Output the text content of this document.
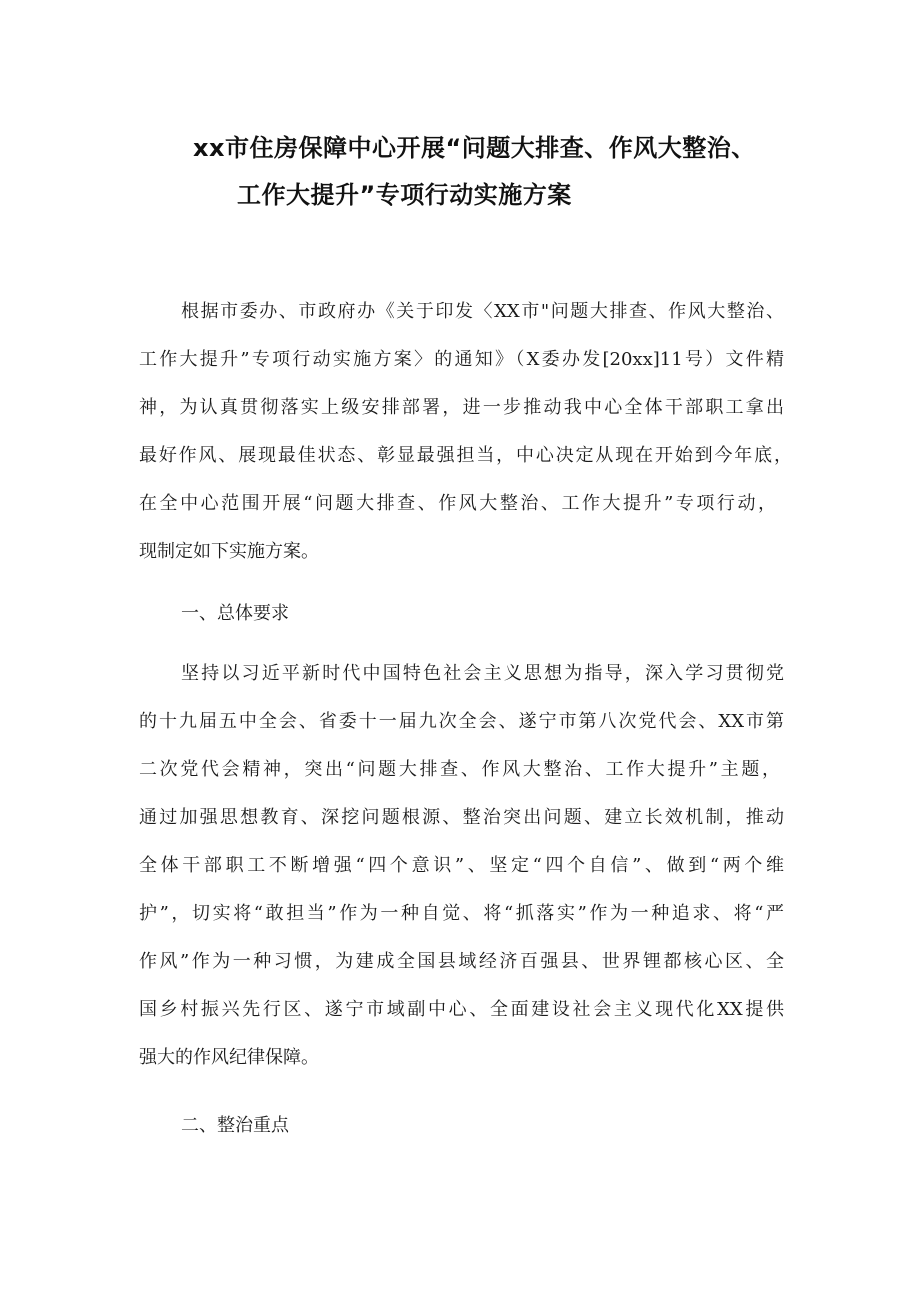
xx市住房保障中心开展“问题大排查、作风大整治、
工作大提升”专项行动实施方案
根据市委办、市政府办《关于印发〈XX市"问题大排查、作风大整治、
工作大提升”专项行动实施方案〉的通知》（X委办发[20xx]11号）文件精
神，为认真贯彻落实上级安排部署，进一步推动我中心全体干部职工拿出
最好作风、展现最佳状态、彰显最强担当，中心决定从现在开始到今年底，
在全中心范围开展“问题大排查、作风大整治、工作大提升”专项行动，
现制定如下实施方案。
一、总体要求
坚持以习近平新时代中国特色社会主义思想为指导，深入学习贯彻党
的十九届五中全会、省委十一届九次全会、遂宁市第八次党代会、XX市第
二次党代会精神，突出“问题大排查、作风大整治、工作大提升”主题，
通过加强思想教育、深挖问题根源、整治突出问题、建立长效机制，推动
全体干部职工不断增强“四个意识”、坚定“四个自信”、做到“两个维
护”，切实将“敢担当”作为一种自觉、将“抓落实”作为一种追求、将“严
作风”作为一种习惯，为建成全国县域经济百强县、世界锂都核心区、全
国乡村振兴先行区、遂宁市域副中心、全面建设社会主义现代化XX提供
强大的作风纪律保障。
二、整治重点
